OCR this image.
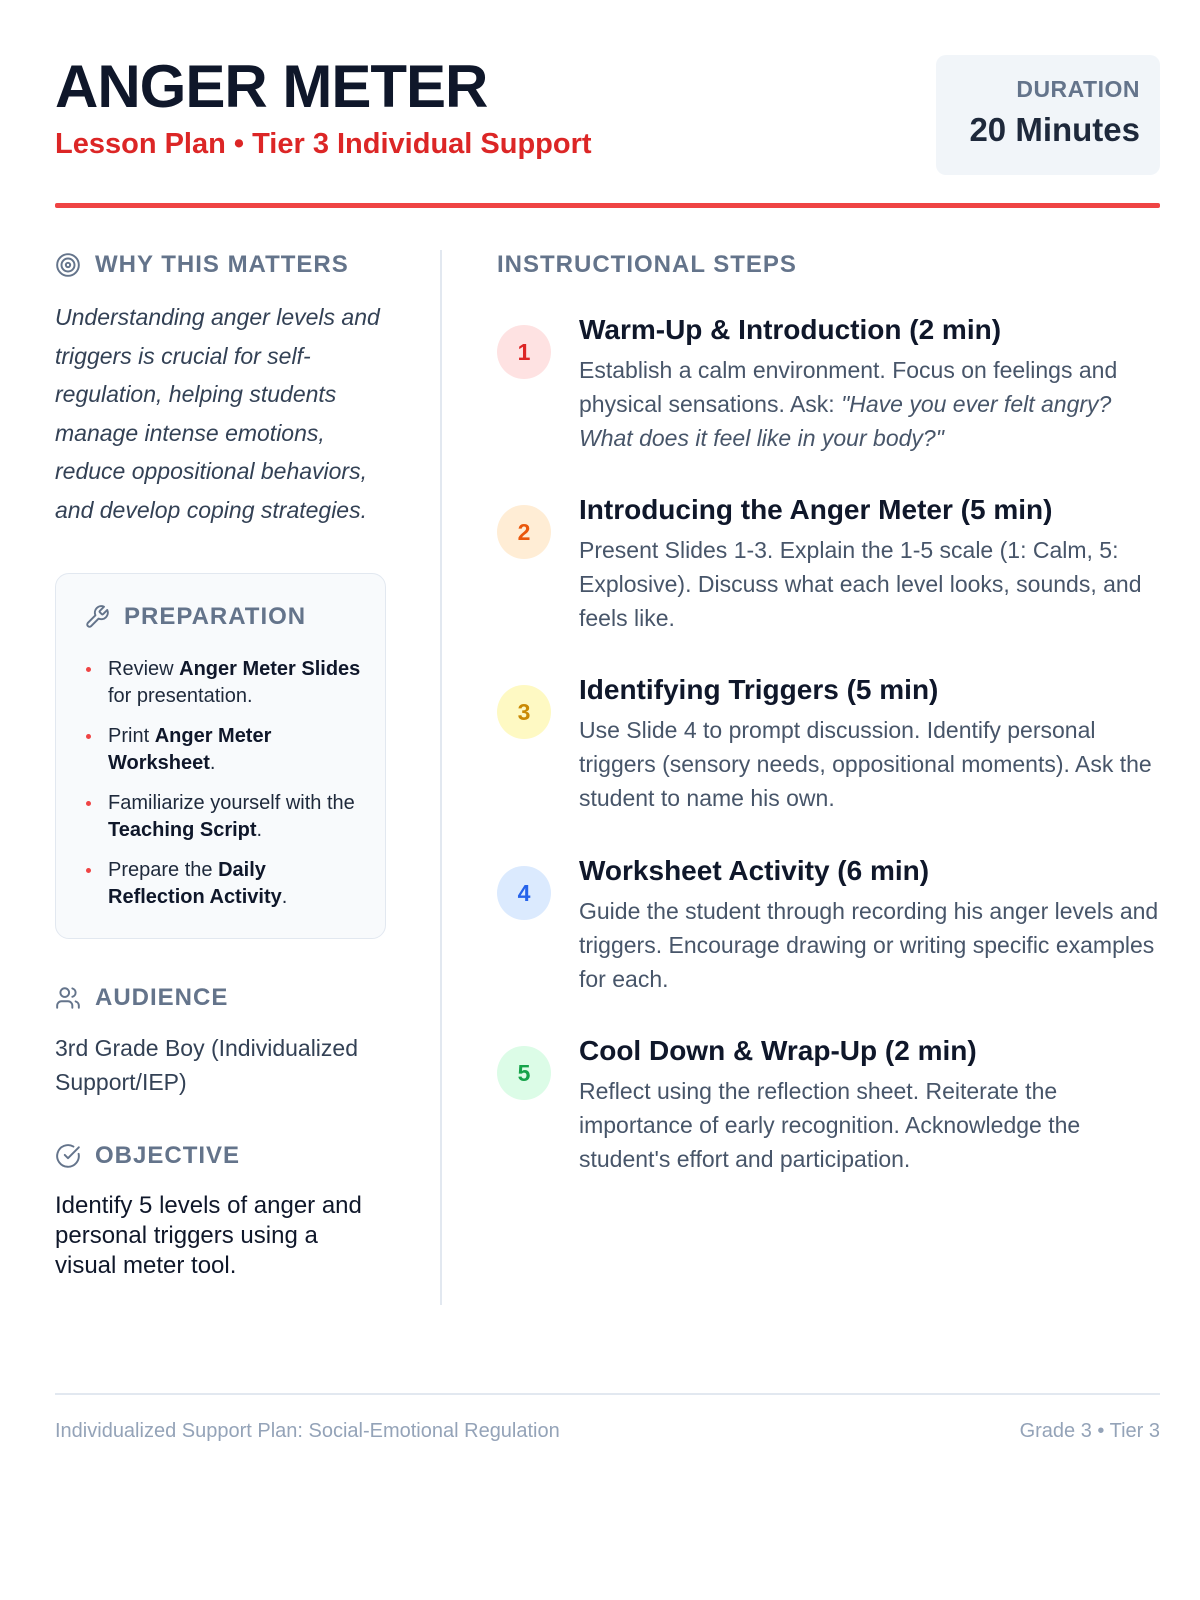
ANGER METER
Lesson Plan • Tier 3 Individual Support
DURATION
20 Minutes
WHY THIS MATTERS
Understanding anger levels and triggers is crucial for self-regulation, helping students manage intense emotions, reduce oppositional behaviors, and develop coping strategies.
PREPARATION
Review Anger Meter Slides for presentation.
Print Anger Meter Worksheet.
Familiarize yourself with the Teaching Script.
Prepare the Daily Reflection Activity.
AUDIENCE
3rd Grade Boy (Individualized Support/IEP)
OBJECTIVE
Identify 5 levels of anger and personal triggers using a visual meter tool.
INSTRUCTIONAL STEPS
1
Warm-Up & Introduction (2 min)
Establish a calm environment. Focus on feelings and physical sensations. Ask: "Have you ever felt angry? What does it feel like in your body?"
2
Introducing the Anger Meter (5 min)
Present Slides 1-3. Explain the 1-5 scale (1: Calm, 5: Explosive). Discuss what each level looks, sounds, and feels like.
3
Identifying Triggers (5 min)
Use Slide 4 to prompt discussion. Identify personal triggers (sensory needs, oppositional moments). Ask the student to name his own.
4
Worksheet Activity (6 min)
Guide the student through recording his anger levels and triggers. Encourage drawing or writing specific examples for each.
5
Cool Down & Wrap-Up (2 min)
Reflect using the reflection sheet. Reiterate the importance of early recognition. Acknowledge the student's effort and participation.
Individualized Support Plan: Social-Emotional Regulation	Grade 3 • Tier 3
